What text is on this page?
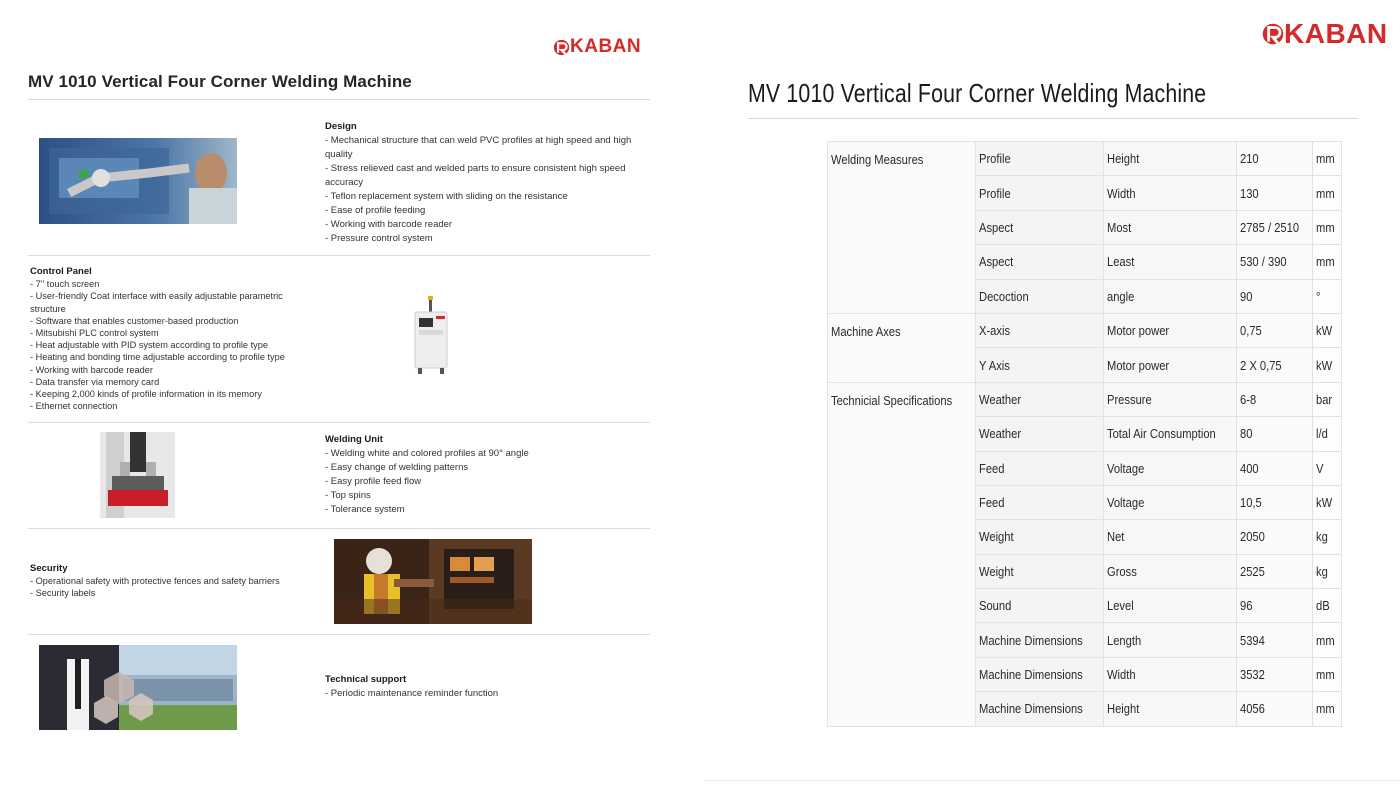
KABAN
MV 1010 Vertical Four Corner Welding Machine
Design
- Mechanical structure that can weld PVC profiles at high speed and high quality
- Stress relieved cast and welded parts to ensure consistent high speed accuracy
- Teflon replacement system with sliding on the resistance
- Ease of profile feeding
- Working with barcode reader
- Pressure control system
Control Panel
- 7'' touch screen
- User-friendly Coat interface with easily adjustable parametric structure
- Software that enables customer-based production
- Mitsubishi PLC control system
- Heat adjustable with PID system according to profile type
- Heating and bonding time adjustable according to profile type
- Working with barcode reader
- Data transfer via memory card
- Keeping 2,000 kinds of profile information in its memory
- Ethernet connection
Welding Unit
- Welding white and colored profiles at 90° angle
- Easy change of welding patterns
- Easy profile feed flow
- Top spins
- Tolerance system
Security
- Operational safety with protective fences and safety barriers
- Security labels
Technical support
- Periodic maintenance reminder function
KABAN
MV 1010 Vertical Four Corner Welding Machine
Welding Measures	Profile	Height	210	mm
	Profile	Width	130	mm
	Aspect	Most	2785 / 2510	mm
	Aspect	Least	530 / 390	mm
	Decoction	angle	90	°
Machine Axes	X-axis	Motor power	0,75	kW
	Y Axis	Motor power	2 X 0,75	kW
Technicial Specifications	Weather	Pressure	6-8	bar
	Weather	Total Air Consumption	80	l/d
	Feed	Voltage	400	V
	Feed	Voltage	10,5	kW
	Weight	Net	2050	kg
	Weight	Gross	2525	kg
	Sound	Level	96	dB
	Machine Dimensions	Length	5394	mm
	Machine Dimensions	Width	3532	mm
	Machine Dimensions	Height	4056	mm
